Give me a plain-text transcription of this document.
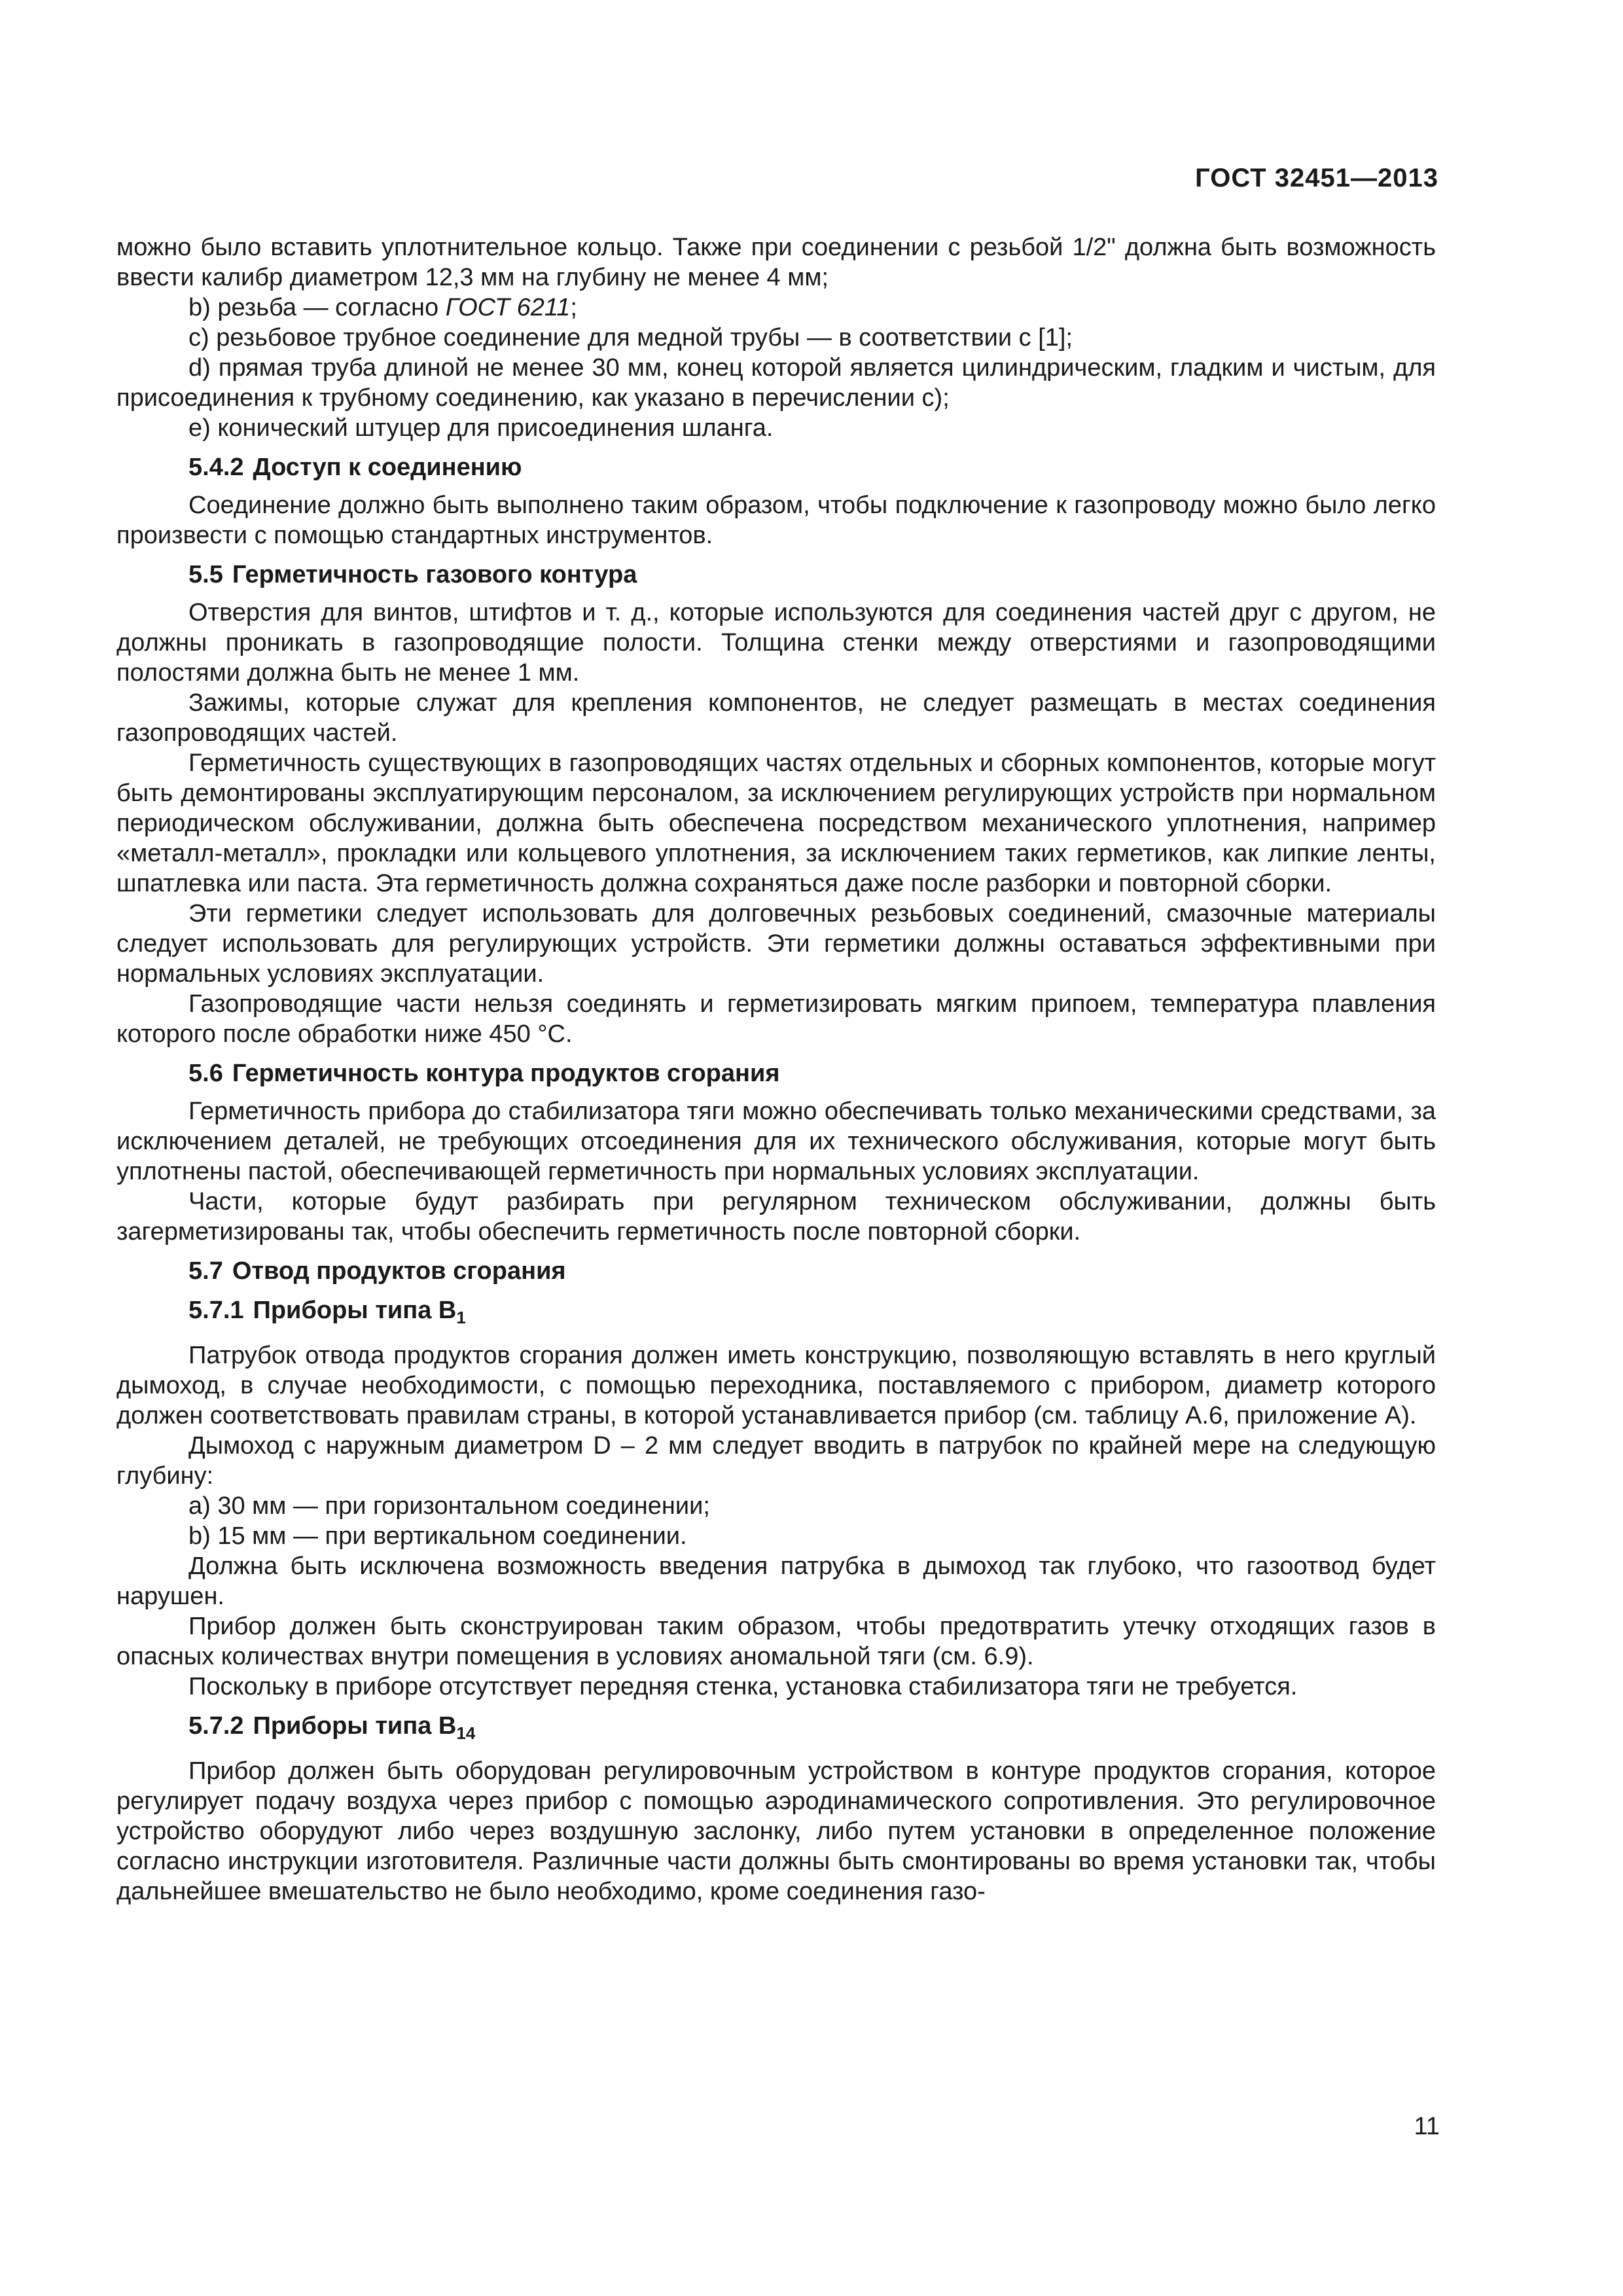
ГОСТ 32451—2013

можно было вставить уплотнительное кольцо. Также при соединении с резьбой 1/2" должна быть возможность ввести калибр диаметром 12,3 мм на глубину не менее 4 мм;

b) резьба — согласно ГОСТ 6211;

c) резьбовое трубное соединение для медной трубы — в соответствии с [1];

d) прямая труба длиной не менее 30 мм, конец которой является цилиндрическим, гладким и чистым, для присоединения к трубному соединению, как указано в перечислении с);

e) конический штуцер для присоединения шланга.

5.4.2 Доступ к соединению

Соединение должно быть выполнено таким образом, чтобы подключение к газопроводу можно было легко произвести с помощью стандартных инструментов.

5.5 Герметичность газового контура

Отверстия для винтов, штифтов и т. д., которые используются для соединения частей друг с другом, не должны проникать в газопроводящие полости. Толщина стенки между отверстиями и газопроводящими полостями должна быть не менее 1 мм.

Зажимы, которые служат для крепления компонентов, не следует размещать в местах соединения газопроводящих частей.

Герметичность существующих в газопроводящих частях отдельных и сборных компонентов, которые могут быть демонтированы эксплуатирующим персоналом, за исключением регулирующих устройств при нормальном периодическом обслуживании, должна быть обеспечена посредством механического уплотнения, например «металл-металл», прокладки или кольцевого уплотнения, за исключением таких герметиков, как липкие ленты, шпатлевка или паста. Эта герметичность должна сохраняться даже после разборки и повторной сборки.

Эти герметики следует использовать для долговечных резьбовых соединений, смазочные материалы следует использовать для регулирующих устройств. Эти герметики должны оставаться эффективными при нормальных условиях эксплуатации.

Газопроводящие части нельзя соединять и герметизировать мягким припоем, температура плавления которого после обработки ниже 450 °С.

5.6 Герметичность контура продуктов сгорания

Герметичность прибора до стабилизатора тяги можно обеспечивать только механическими средствами, за исключением деталей, не требующих отсоединения для их технического обслуживания, которые могут быть уплотнены пастой, обеспечивающей герметичность при нормальных условиях эксплуатации.

Части, которые будут разбирать при регулярном техническом обслуживании, должны быть загерметизированы так, чтобы обеспечить герметичность после повторной сборки.

5.7 Отвод продуктов сгорания

5.7.1 Приборы типа $B_1$

Патрубок отвода продуктов сгорания должен иметь конструкцию, позволяющую вставлять в него круглый дымоход, в случае необходимости, с помощью переходника, поставляемого с прибором, диаметр которого должен соответствовать правилам страны, в которой устанавливается прибор (см. таблицу А.6, приложение А).

Дымоход с наружным диаметром D – 2 мм следует вводить в патрубок по крайней мере на следующую глубину:

a) 30 мм — при горизонтальном соединении;

b) 15 мм — при вертикальном соединении.

Должна быть исключена возможность введения патрубка в дымоход так глубоко, что газоотвод будет нарушен.

Прибор должен быть сконструирован таким образом, чтобы предотвратить утечку отходящих газов в опасных количествах внутри помещения в условиях аномальной тяги (см. 6.9).

Поскольку в приборе отсутствует передняя стенка, установка стабилизатора тяги не требуется.

5.7.2 Приборы типа $B_{14}$

Прибор должен быть оборудован регулировочным устройством в контуре продуктов сгорания, которое регулирует подачу воздуха через прибор с помощью аэродинамического сопротивления. Это регулировочное устройство оборудуют либо через воздушную заслонку, либо путем установки в определенное положение согласно инструкции изготовителя. Различные части должны быть смонтированы во время установки так, чтобы дальнейшее вмешательство не было необходимо, кроме соединения газо-

11
